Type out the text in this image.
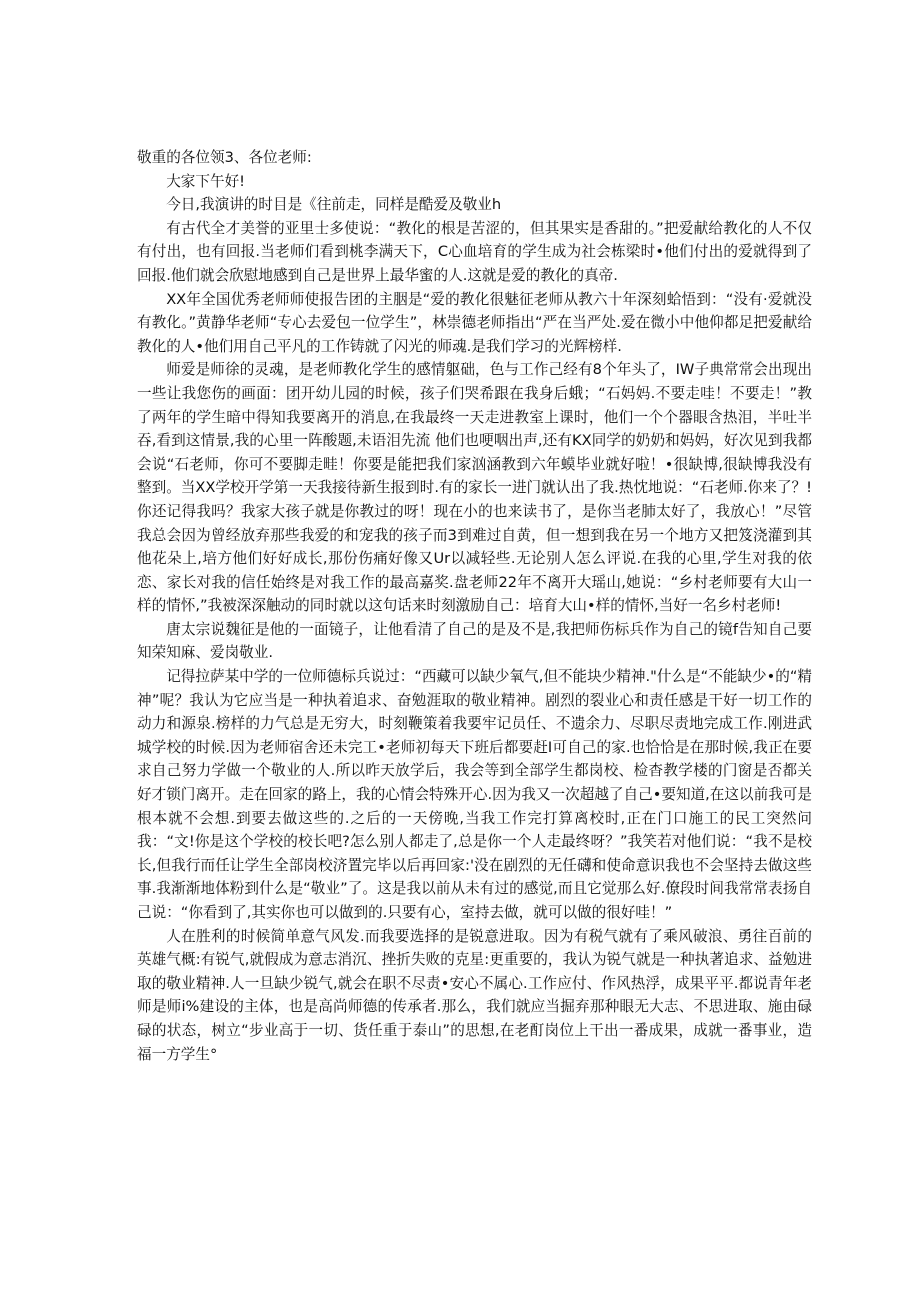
敬重的各位领3、各位老师:

大家下午好!

今日,我演讲的时目是《往前走，同样是酷爱及敬业h

有古代全才美誉的亚里士多使说：“教化的根是苦涩的，但其果实是香甜的。”把爱献给教化的人不仅有付出，也有回报.当老师们看到桃李满天下，C心血培育的学生成为社会栋梁时•他们付出的爱就得到了回报.他们就会欣慰地感到自己是世界上最华蜜的人.这就是爱的教化的真帝.

XX年全国优秀老师师使报告团的主胭是“爱的教化很魅征老师从教六十年深刻蛤悟到：“没有·爱就没有教化。”黄静华老师“专心去爱包一位学生”，林崇德老师指出“严在当严处.爱在微小中他仰都足把爱献给教化的人•他们用自己平凡的工作铸就了闪光的师魂.是我们学习的光辉榜样.

师爱是师徐的灵魂，是老师教化学生的感情躯础，色与工作己经有8个年头了，IW子典常常会出现出一些让我您伤的画面：团开幼儿园的时候，孩子们哭希跟在我身后蛾；“石妈妈.不要走哇！不要走！”教了两年的学生暗中得知我要离开的消息,在我最终一天走进教室上课时，他们一个个器眼含热泪，半吐半吞,看到这情景,我的心里一阵酸题,未语泪先流 他们也哽咽出声,还有KX同学的奶奶和妈妈，好次见到我都会说“石老师，你可不要脚走畦！你要是能把我们家汹涵教到六年蟆毕业就好啦！•很缺博,很缺博我没有整到。当XX学校开学第一天我接待新生报到时.有的家长一进门就认出了我.热忱地说：“石老师.你来了？!你还记得我吗？我家大孩子就是你教过的呀！现在小的也来读书了，是你当老肺太好了，我放心！”尽管我总会因为曾经放弃那些我爱的和宠我的孩子而3到难过自黄，但一想到我在另一个地方又把笈浇灌到其他花朵上,培方他们好好成长,那份伤痛好像又Ur以减轻些.无论别人怎么评说.在我的心里,学生对我的依恋、家长对我的信任始终是对我工作的最高嘉奖.盘老师22年不离开大瑶山,她说：“乡村老师要有大山一样的情怀,”我被深深触动的同时就以这句话来时刻激励自己：培育大山•样的情怀,当好一名乡村老师!

唐太宗说魏征是他的一面镜子，让他看清了自己的是及不是,我把师伤标兵作为自己的镜f告知自己要知荣知麻、爱岗敬业.

记得拉萨某中学的一位师德标兵说过：“西藏可以缺少氧气,但不能块少精神."什么是“不能缺少•的“精神”呢？我认为它应当是一种执着追求、奋勉涯取的敬业精神。剧烈的裂业心和责任感是干好一切工作的动力和源泉.榜样的力气总是无穷大，时刻鞭策着我要牢记员任、不遗余力、尽职尽责地完成工作.刚进武城学校的时候.因为老师宿舍还未完工•老师初每天下班后都要赶I可自己的家.也恰恰是在那时候,我正在要求自己努力学做一个敬业的人.所以昨天放学后，我会等到全部学生都岗校、检杳教学楼的门窗是否都关好才锁门离开。走在回家的路上，我的心情会特殊开心.因为我又一次超越了自己•要知道,在这以前我可是根本就不会想.到要去做这些的.之后的一天傍晚,当我工作完打算离校时,正在门口施工的民工突然问我：“文!你是这个学校的校长吧?怎么别人都走了,总是你一个人走最终呀？”我笑若对他们说：“我不是校长,但我行而任让学生全部岗校济置完毕以后再回家:'没在剧烈的无任礴和使命意识我也不会坚持去做这些事.我渐渐地体粉到什么是“敬业”了。这是我以前从未有过的感觉,而且它觉那么好.僚段时间我常常表扬自己说：“你看到了,其实你也可以做到的.只要有心，室持去做，就可以做的很好哇！”

人在胜利的时候简单意气风发.而我要选择的是锐意进取。因为有税气就有了乘风破浪、勇往百前的英雄气概:有锐气,就假成为意志消沉、挫折失败的克星:更重要的，我认为锐气就是一种执著追求、益勉进取的敬业精神.人一旦缺少锐气,就会在职不尽责•安心不属心.工作应付、作风热浮，成果平平.都说青年老师是师i%建设的主体，也是高尚师德的传承者.那么，我们就应当掘弃那种眼无大志、不思进取、施由碌碌的状态，树立“步业高于一切、货任重于泰山”的思想,在老酊岗位上干出一番成果，成就一番事业，造福一方学生°
